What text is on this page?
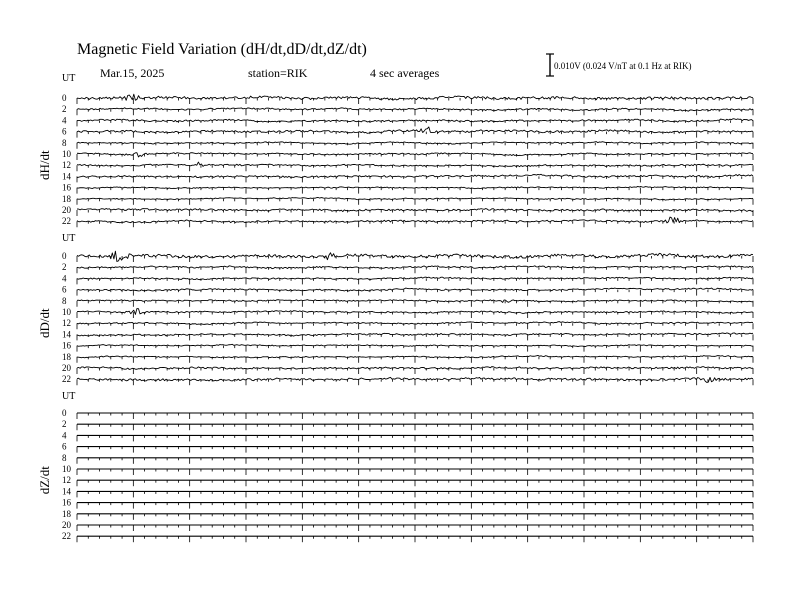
Magnetic Field Variation (dH/dt,dD/dt,dZ/dt)
Mar.15, 2025	station=RIK	4 sec averages	0.010V (0.024 V/nT at 0.1 Hz at RIK)
UT
dH/dt
0
2
4
6
8
10
12
14
16
18
20
22
UT
dD/dt
0
2
4
6
8
10
12
14
16
18
20
22
UT
dZ/dt
0
2
4
6
8
10
12
14
16
18
20
22
